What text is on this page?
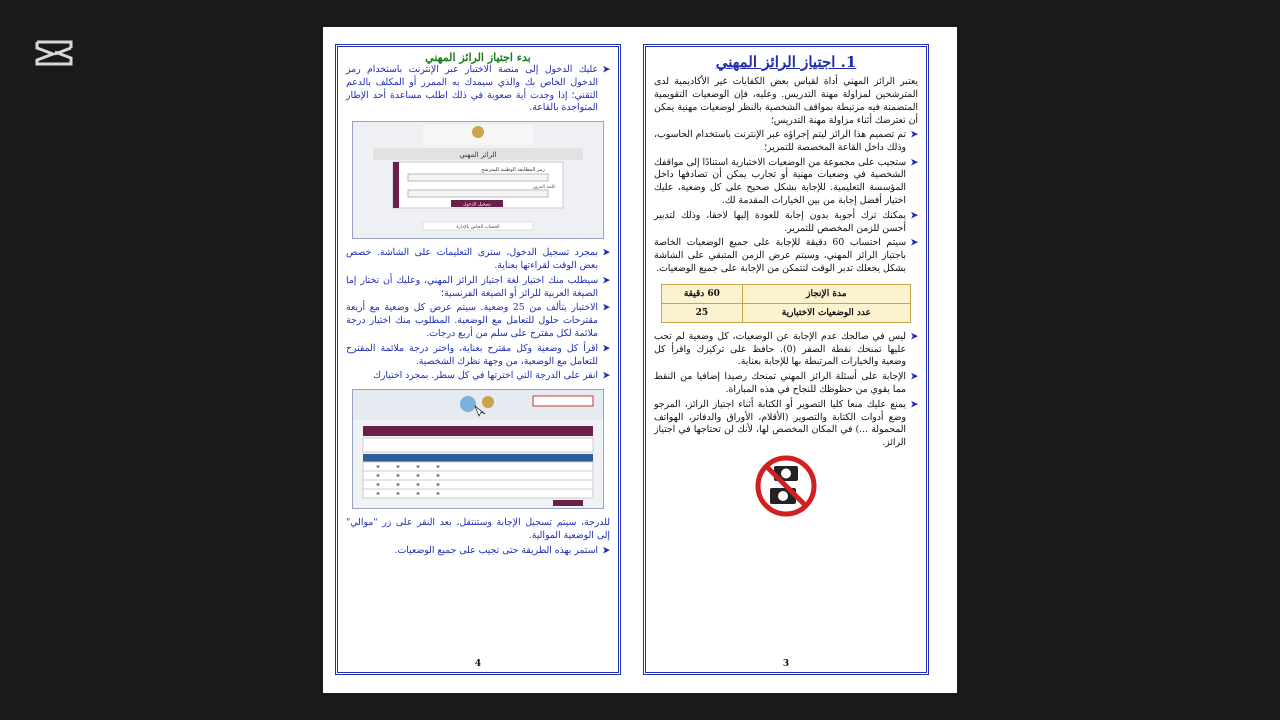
بدء اجتياز الرائز المهني

➤
عليك الدخول إلى منصة الاختبار عبر الإنترنت باستخدام رمز الدخول الخاص بك والذي سيمدك به الممرر أو المكلف بالدعم التقني؛ إذا وجدت أية صعوبة في ذلك اطلب مساعدة أحد الإطار المتواجدة بالقاعة.
الرائز المهني
رمز المطابقة الوطنية للمترشح
كلمة المرور
تسجيل الدخول
الحساب الخاص بالإدارة
➤
بمجرد تسجيل الدخول، سترى التعليمات على الشاشة. خصص بعض الوقت لقراءتها بعناية.
➤
سيطلب منك اختيار لغة اجتياز الرائز المهني، وعليك أن تختار إما الصيغة العربية للرائز أو الصيغة الفرنسية؛
➤
الاختبار يتألف من 25 وضعية. سيتم عرض كل وضعية مع أربعة مقترحات حلول للتعامل مع الوضعية. المطلوب منك اختيار درجة ملائمة لكل مقترح على سلم من أربع درجات.
➤
اقرأ كل وضعية وكل مقترح بعناية، واختر درجة ملائمة المقترح للتعامل مع الوضعية، من وجهة نظرك الشخصية.
➤
انقر على الدرجة التي اخترتها في كل سطر. بمجرد اختيارك
للدرجة، سيتم تسجيل الإجابة وستنتقل، بعد النقر على زر "موالي" إلى الوضعية الموالية.
➤
استمر بهذه الطريقة حتى تجيب على جميع الوضعيات.
4

1. اجتياز الرائز المهني

يعتبر الرائز المهني أداة لقياس بعض الكفايات غير الأكاديمية لدى المترشحين لمزاولة مهنة التدريس. وعليه، فإن الوضعيات التقويمية المتضمنة فيه مرتبطة بمواقف الشخصية بالنظر لوضعيات مهنية يمكن أن تعترضك أثناء مزاولة مهنة التدريس؛

➤
تم تصميم هذا الرائز ليتم إجراؤه عبر الإنترنت باستخدام الحاسوب، وذلك داخل القاعة المخصصة للتمرير؛
➤
ستجيب على مجموعة من الوضعيات الاختبارية استنادًا إلى مواقفك الشخصية في وضعيات مهنية أو تجارب يمكن أن تصادفها داخل المؤسسة التعليمية. للإجابة بشكل صحيح على كل وضعية، عليك اختيار أفضل إجابة من بين الخيارات المقدمة لك.
➤
يمكنك ترك أجوبة بدون إجابة للعودة إليها لاحقا، وذلك لتدبير أحسن للزمن المخصص للتمرير.
➤
سيتم احتساب 60 دقيقة للإجابة على جميع الوضعيات الخاصة باجتياز الرائز المهني، وسيتم عرض الزمن المتبقي على الشاشة بشكل يجعلك تدبر الوقت لتتمكن من الإجابة على جميع الوضعيات.
مدة الإنجاز	60 دقيقة
عدد الوضعيات الاختبارية	25
➤
ليس في صالحك عدم الإجابة عن الوضعيات، كل وضعية لم تجب عليها تمنحك نقطة الصفر (0). حافظ على تركيزك واقرأ كل وضعية والخيارات المرتبطة بها للإجابة بعناية.
➤
الإجابة على أسئلة الرائز المهني تمنحك رصيدا إضافيا من النقط مما يقوي من حظوظك للنجاح في هذه المباراة.
➤
يمنع عليك منعا كليا التصوير أو الكتابة أثناء اجتياز الرائز، المرجو وضع أدوات الكتابة والتصوير (الأقلام، الأوراق والدفاتر، الهواتف المحمولة ...) في المكان المخصص لها، لأنك لن تحتاجها في اجتياز الرائز.
3
